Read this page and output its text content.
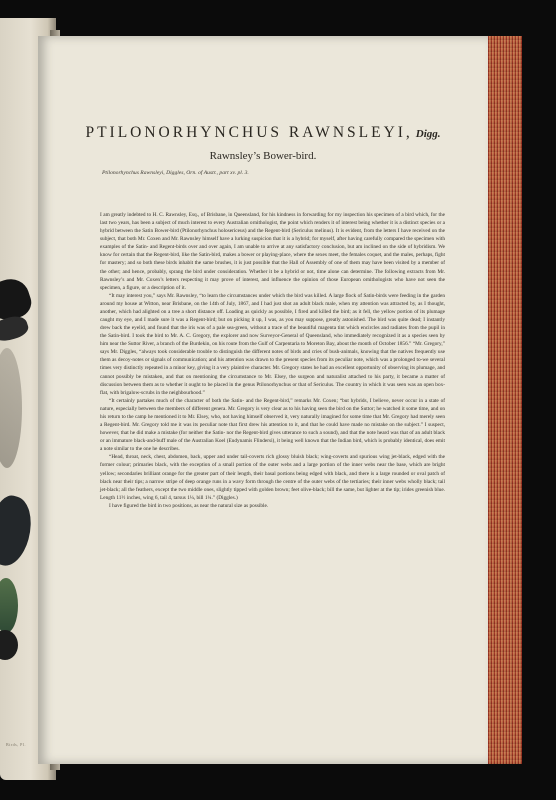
Birds, Pl.
PTILONORHYNCHUS RAWNSLEYI, Digg.
Rawnsley’s Bower-bird.
Ptilonorhynchus Rawnsleyi, Diggles, Orn. of Austr., part xv. pl. 3.

I am greatly indebted to H. C. Rawnsley, Esq., of Brisbane, in Queensland, for his kindness in forwarding for my inspection his specimen of a bird which, for the last two years, has been a subject of much interest to every Australian ornithologist, the point which renders it of interest being whether it is a distinct species or a hybrid between the Satin Bower-bird (Ptilonorhynchus holosericeus) and the Regent-bird (Sericulus melinus). It is evident, from the letters I have received on the subject, that both Mr. Coxen and Mr. Rawnsley himself have a lurking suspicion that it is a hybrid; for myself, after having carefully compared the specimen with examples of the Satin- and Regent-birds over and over again, I am unable to arrive at any satisfactory conclusion, but am inclined on the side of hybridism. We know for certain that the Regent-bird, like the Satin-bird, makes a bower or playing-place, where the sexes meet, the females coquet, and the males, perhaps, fight for mastery; and so both these birds inhabit the same brushes, it is just possible that the Hall of Assembly of one of them may have been visited by a member of the other; and hence, probably, sprang the bird under consideration. Whether it be a hybrid or not, time alone can determine. The following extracts from Mr. Rawnsley’s and Mr. Coxen’s letters respecting it may prove of interest, and influence the opinion of those European ornithologists who have not seen the specimen, a figure, or a description of it.

“It may interest you,” says Mr. Rawnsley, “to learn the circumstances under which the bird was killed. A large flock of Satin-birds were feeding in the garden around my house at Witton, near Brisbane, on the 14th of July, 1867, and I had just shot an adult black male, when my attention was attracted by, as I thought, another, which had alighted on a tree a short distance off. Loading as quickly as possible, I fired and killed the bird; as it fell, the yellow portion of its plumage caught my eye, and I made sure it was a Regent-bird; but on picking it up, I was, as you may suppose, greatly astonished. The bird was quite dead; I instantly drew back the eyelid, and found that the iris was of a pale sea-green, without a trace of the beautiful magenta tint which encircles and radiates from the pupil in the Satin-bird. I took the bird to Mr. A. C. Gregory, the explorer and now Surveyor-General of Queensland, who immediately recognized it as a species seen by him near the Suttor River, a branch of the Burdekin, on his route from the Gulf of Carpentaria to Moreton Bay, about the month of October 1856.” “Mr. Gregory,” says Mr. Diggles, “always took considerable trouble to distinguish the different notes of birds and cries of bush-animals, knowing that the natives frequently use them as decoy-notes or signals of communication; and his attention was drawn to the present species from its peculiar note, which was a prolonged to-we several times very distinctly repeated in a minor key, giving it a very plaintive character. Mr. Gregory states he had an excellent opportunity of observing its plumage, and cannot possibly be mistaken, and that on mentioning the circumstance to Mr. Elsey, the surgeon and naturalist attached to his party, it became a matter of discussion between them as to whether it ought to be placed in the genus Ptilonorhynchus or that of Sericulus. The country in which it was seen was an open box-flat, with brigalow-scrubs in the neighbourhood.”

“It certainly partakes much of the character of both the Satin- and the Regent-bird,” remarks Mr. Coxen; “but hybrids, I believe, never occur in a state of nature, especially between the members of different genera. Mr. Gregory is very clear as to his having seen the bird on the Suttor; he watched it some time, and on his return to the camp he mentioned it to Mr. Elsey, who, not having himself observed it, very naturally imagined for some time that Mr. Gregory had merely seen a Regent-bird. Mr. Gregory told me it was its peculiar note that first drew his attention to it, and that he could have made no mistake on the subject.” I suspect, however, that he did make a mistake (for neither the Satin- nor the Regent-bird gives utterance to such a sound), and that the note heard was that of an adult black or an immature black-and-buff male of the Australian Koel (Eudynamis Flindersi), it being well known that the Indian bird, which is probably identical, does emit a note similar to the one he describes.

“Head, throat, neck, chest, abdomen, back, upper and under tail-coverts rich glossy bluish black; wing-coverts and spurious wing jet-black, edged with the former colour; primaries black, with the exception of a small portion of the outer webs and a large portion of the inner webs near the base, which are bright yellow; secondaries brilliant orange for the greater part of their length, their basal portions being edged with black, and there is a large rounded or oval patch of black near their tips; a narrow stripe of deep orange runs in a wavy form through the centre of the outer webs of the tertiaries; their inner webs wholly black; tail jet-black; all the feathers, except the two middle ones, slightly tipped with golden brown; feet olive-black; bill the same, but lighter at the tip; irides greenish blue. Length 11½ inches, wing 6, tail 4, tarsus 1¼, bill 1¼.” (Diggles.)

I have figured the bird in two positions, as near the natural size as possible.
